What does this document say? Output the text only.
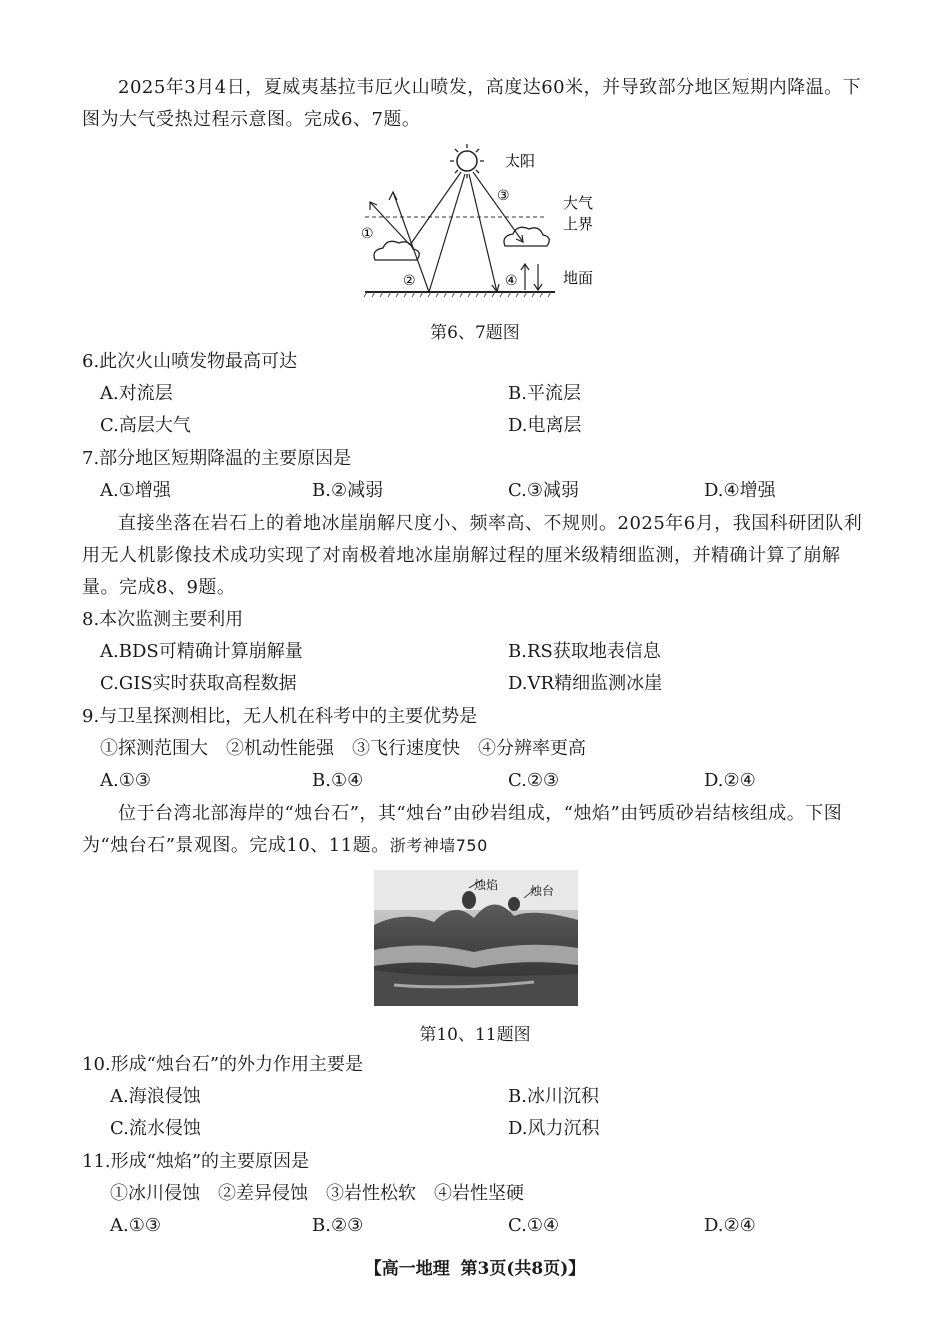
2025年3月4日，夏威夷基拉韦厄火山喷发，高度达60米，并导致部分地区短期内降温。下图为大气受热过程示意图。完成6、7题。
①
②
③
④
太阳
大气
上界
地面
第6、7题图
6.此次火山喷发物最高可达
A.对流层	B.平流层
C.高层大气	D.电离层
7.部分地区短期降温的主要原因是
A.①增强	B.②减弱	C.③减弱	D.④增强
直接坐落在岩石上的着地冰崖崩解尺度小、频率高、不规则。2025年6月，我国科研团队利用无人机影像技术成功实现了对南极着地冰崖崩解过程的厘米级精细监测，并精确计算了崩解量。完成8、9题。
8.本次监测主要利用
A.BDS可精确计算崩解量	B.RS获取地表信息
C.GIS实时获取高程数据	D.VR精细监测冰崖
9.与卫星探测相比，无人机在科考中的主要优势是
①探测范围大　②机动性能强　③飞行速度快　④分辨率更高
A.①③	B.①④	C.②③	D.②④
位于台湾北部海岸的“烛台石”，其“烛台”由砂岩组成，“烛焰”由钙质砂岩结核组成。下图为“烛台石”景观图。完成10、11题。浙考神墙750
烛焰	烛台
第10、11题图
10.形成“烛台石”的外力作用主要是
A.海浪侵蚀	B.冰川沉积
C.流水侵蚀	D.风力沉积
11.形成“烛焰”的主要原因是
①冰川侵蚀　②差异侵蚀　③岩性松软　④岩性坚硬
A.①③	B.②③	C.①④	D.②④
【高一地理 第3页(共8页)】
